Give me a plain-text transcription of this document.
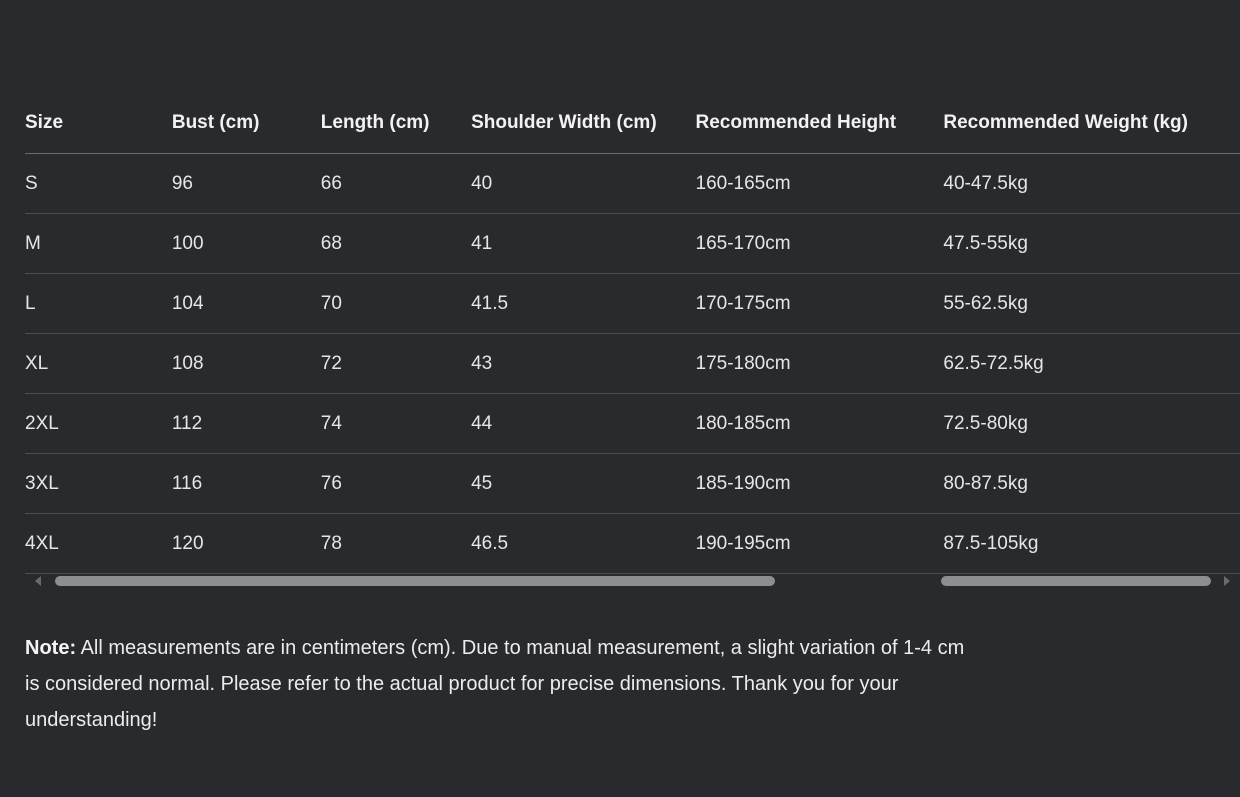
Size	Bust (cm)	Length (cm)	Shoulder Width (cm)	Recommended Height	Recommended Weight (kg)
S	96	66	40	160-165cm	40-47.5kg
M	100	68	41	165-170cm	47.5-55kg
L	104	70	41.5	170-175cm	55-62.5kg
XL	108	72	43	175-180cm	62.5-72.5kg
2XL	112	74	44	180-185cm	72.5-80kg
3XL	116	76	45	185-190cm	80-87.5kg
4XL	120	78	46.5	190-195cm	87.5-105kg

Note: All measurements are in centimeters (cm). Due to manual measurement, a slight variation of 1-4 cm is considered normal. Please refer to the actual product for precise dimensions. Thank you for your understanding!
